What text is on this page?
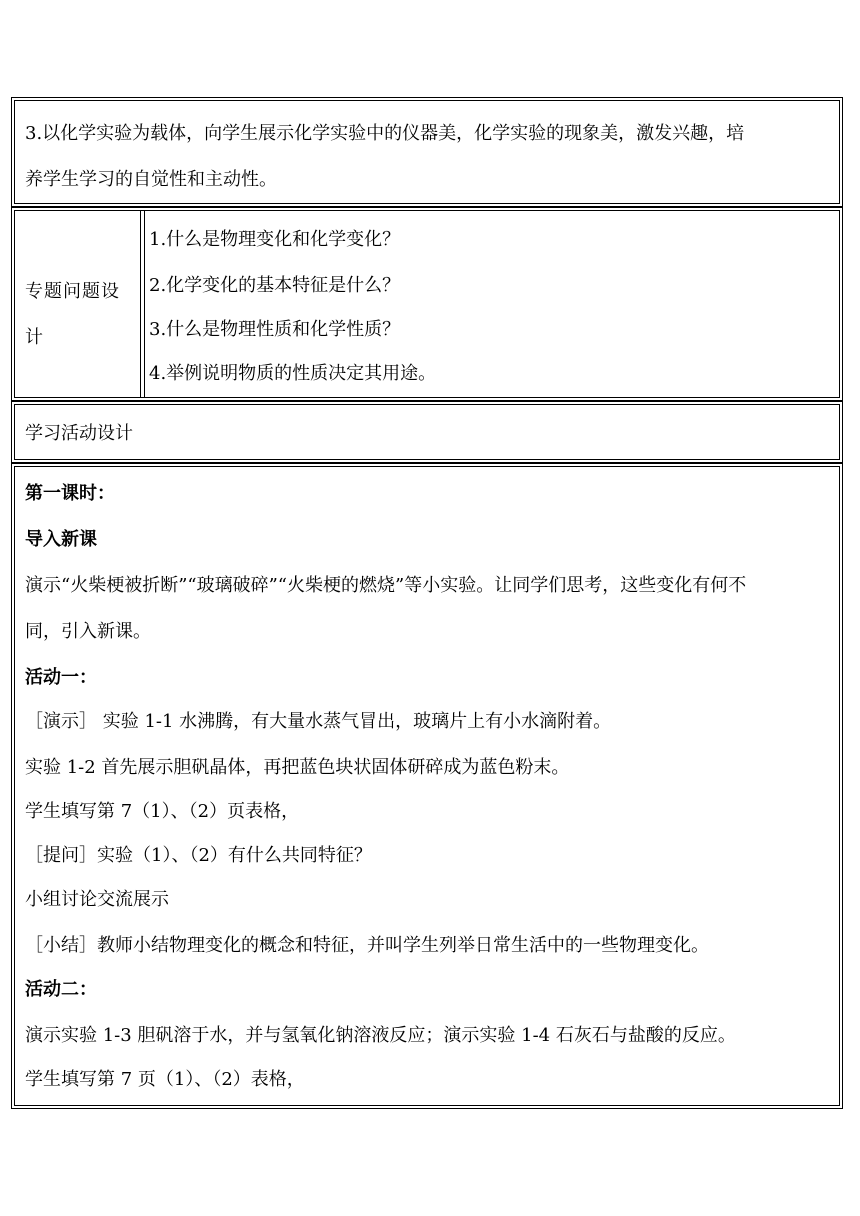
3.以化学实验为载体，向学生展示化学实验中的仪器美，化学实验的现象美，激发兴趣，培
养学生学习的自觉性和主动性。
专题问题设计
1.什么是物理变化和化学变化？
2.化学变化的基本特征是什么？
3.什么是物理性质和化学性质？
4.举例说明物质的性质决定其用途。
学习活动设计
第一课时：
导入新课
演示“火柴梗被折断”“玻璃破碎”“火柴梗的燃烧”等小实验。让同学们思考，这些变化有何不
同，引入新课。
活动一：
［演示］ 实验 1-1 水沸腾，有大量水蒸气冒出，玻璃片上有小水滴附着。
实验 1-2 首先展示胆矾晶体，再把蓝色块状固体研碎成为蓝色粉末。
学生填写第 7（1）、（2）页表格，
［提问］实验（1）、（2）有什么共同特征？
小组讨论交流展示
［小结］教师小结物理变化的概念和特征，并叫学生列举日常生活中的一些物理变化。
活动二：
演示实验 1-3 胆矾溶于水，并与氢氧化钠溶液反应；演示实验 1-4 石灰石与盐酸的反应。
学生填写第 7 页（1）、（2）表格，
